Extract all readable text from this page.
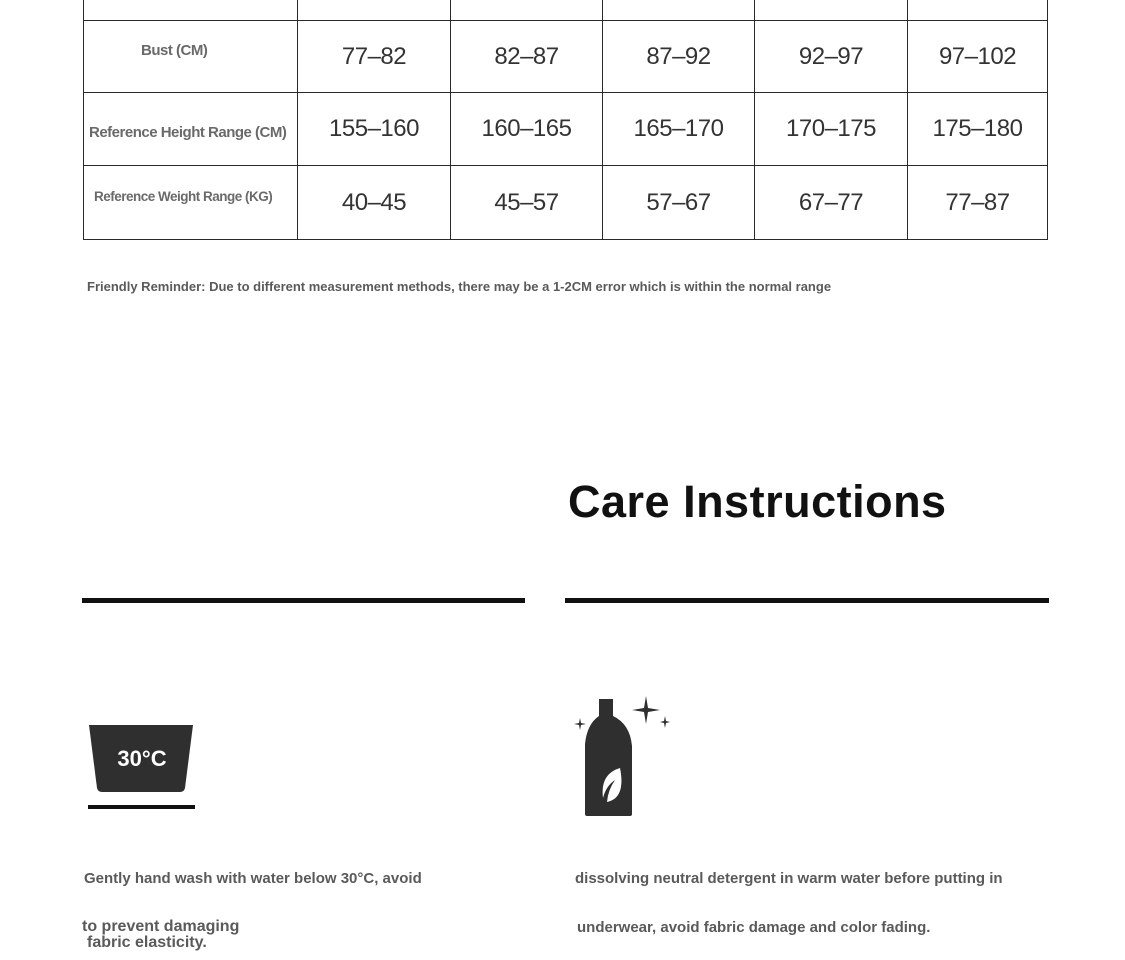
Bust (CM)	77–82	82–87	87–92	92–97	97–102

Reference Height Range (CM)	155–160	160–165	165–170	170–175	175–180

Reference Weight Range (KG)	40–45	45–57	57–67	67–77	77–87
Friendly Reminder: Due to different measurement methods, there may be a 1-2CM error which is within the normal range
Care Instructions
30°C
Gently hand wash with water below 30°C, avoid
to prevent damaging
fabric elasticity.
dissolving neutral detergent in warm water before putting in
underwear, avoid fabric damage and color fading.
